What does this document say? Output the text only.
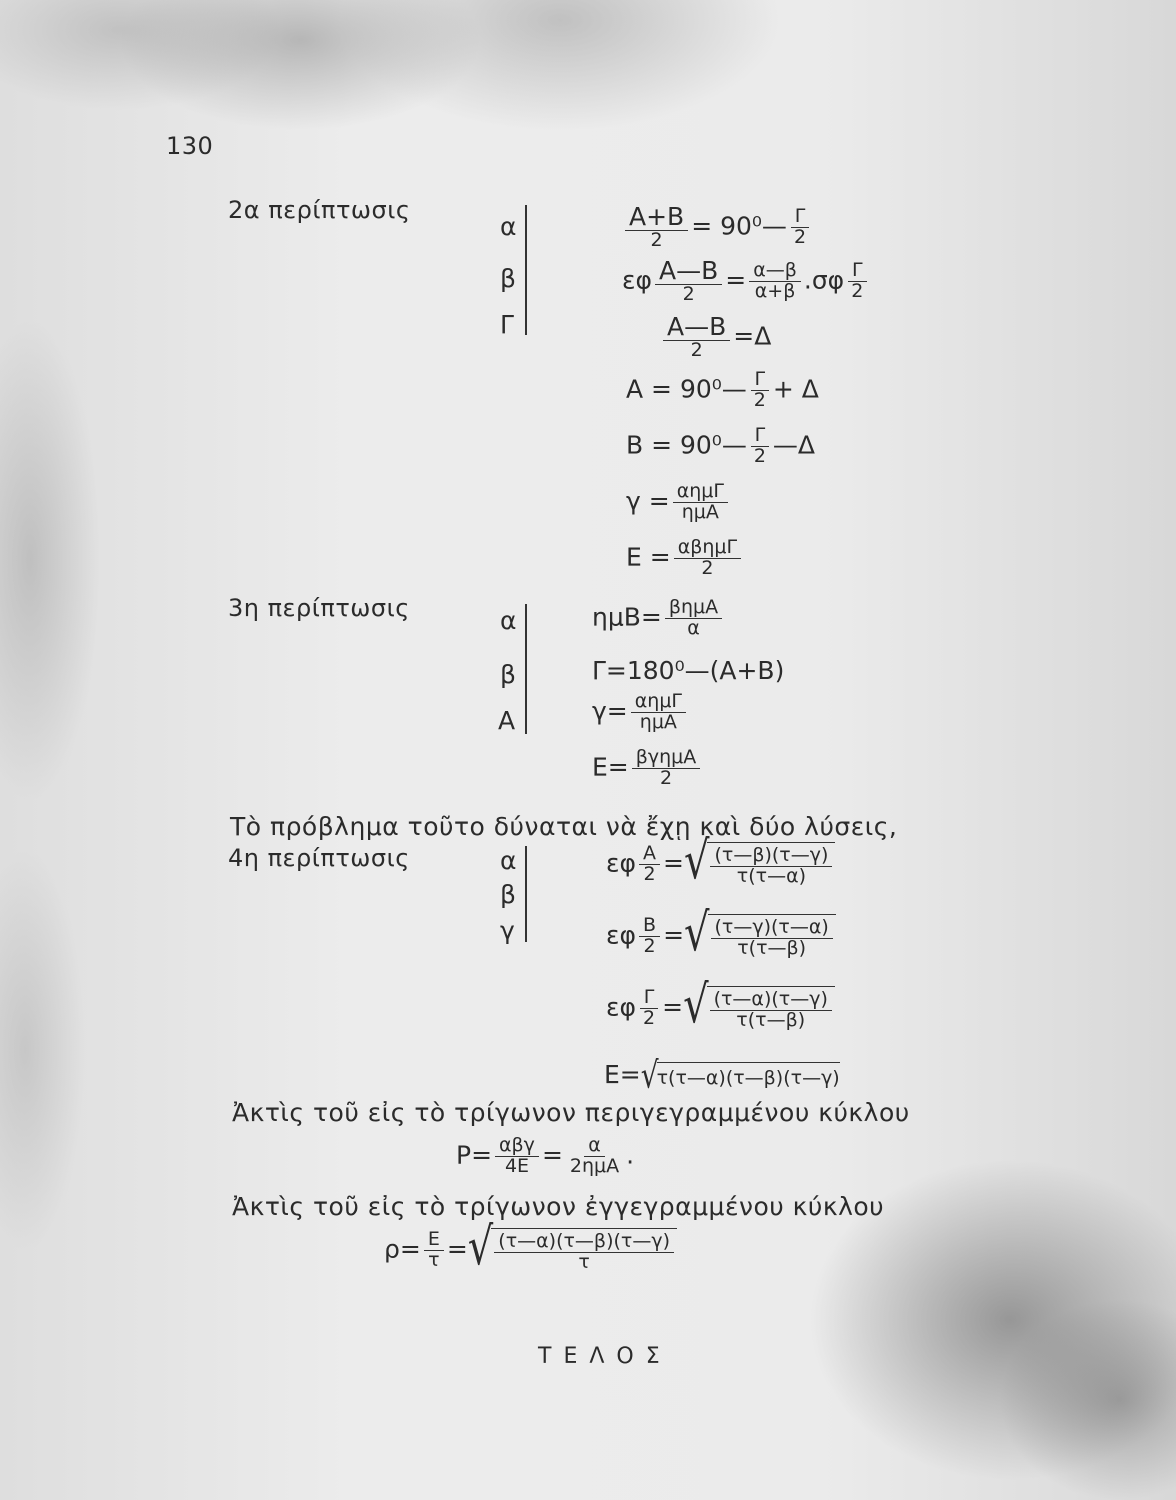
130
2α περίπτωσις
α
β
Γ
$\frac{A+B}{2}$ = 90⁰— $\frac{\Gamma}{2}$
εφ $\frac{A—B}{2} = \frac{\alpha—\beta}{\alpha+\beta} .\sigma\varphi \frac{\Gamma}{2}$
$\frac{A—B}{2} =\Delta$
Α = 90⁰— $\frac{\Gamma}{2} + \Delta$
Β = 90⁰— $\frac{\Gamma}{2}$ —Δ
$\gamma = \frac{\text{αημΓ}}{\text{ημΑ}}$
$E = \frac{\text{αβημΓ}}{2}$
3η περίπτωσις	α
β
Α
$\eta\mu B= \frac{\text{βημΑ}}{\alpha}$
Γ=180⁰—(Α+Β)
$\gamma= \frac{\text{αημΓ}}{\text{ημΑ}}$
$E= \frac{\text{βγημΑ}}{2}$
Τὸ πρόβλημα τοῦτο δύναται νὰ ἔχῃ καὶ δύο λύσεις,
4η περίπτωσις	α
β
γ
εφ $\frac{A}{2}$ = √ $\frac{(\tau—\beta)(\tau—\gamma)}{\tau(\tau—\alpha)}$
εφ $\frac{B}{2}$ = √ $\frac{(\tau—\gamma)(\tau—\alpha)}{\tau(\tau—\beta)}$
εφ $\frac{\Gamma}{2}$ = √ $\frac{(\tau—\alpha)(\tau—\gamma)}{\tau(\tau—\beta)}$
Ε= √
τ(τ—α)(τ—β)(τ—γ)
Ἀκτὶς τοῦ εἰς τὸ τρίγωνον περιγεγραμμένου κύκλου
$P= \frac{\text{αβγ}}{4E} = \frac{\alpha}{\text{2ημΑ}}$ .
Ἀκτὶς τοῦ εἰς τὸ τρίγωνον ἐγγεγραμμένου κύκλου
$\rho= \frac{E}{\tau}$ = √ $\frac{(\tau—\alpha)(\tau—\beta)(\tau—\gamma)}{\tau}$
ΤΕΛΟΣ
